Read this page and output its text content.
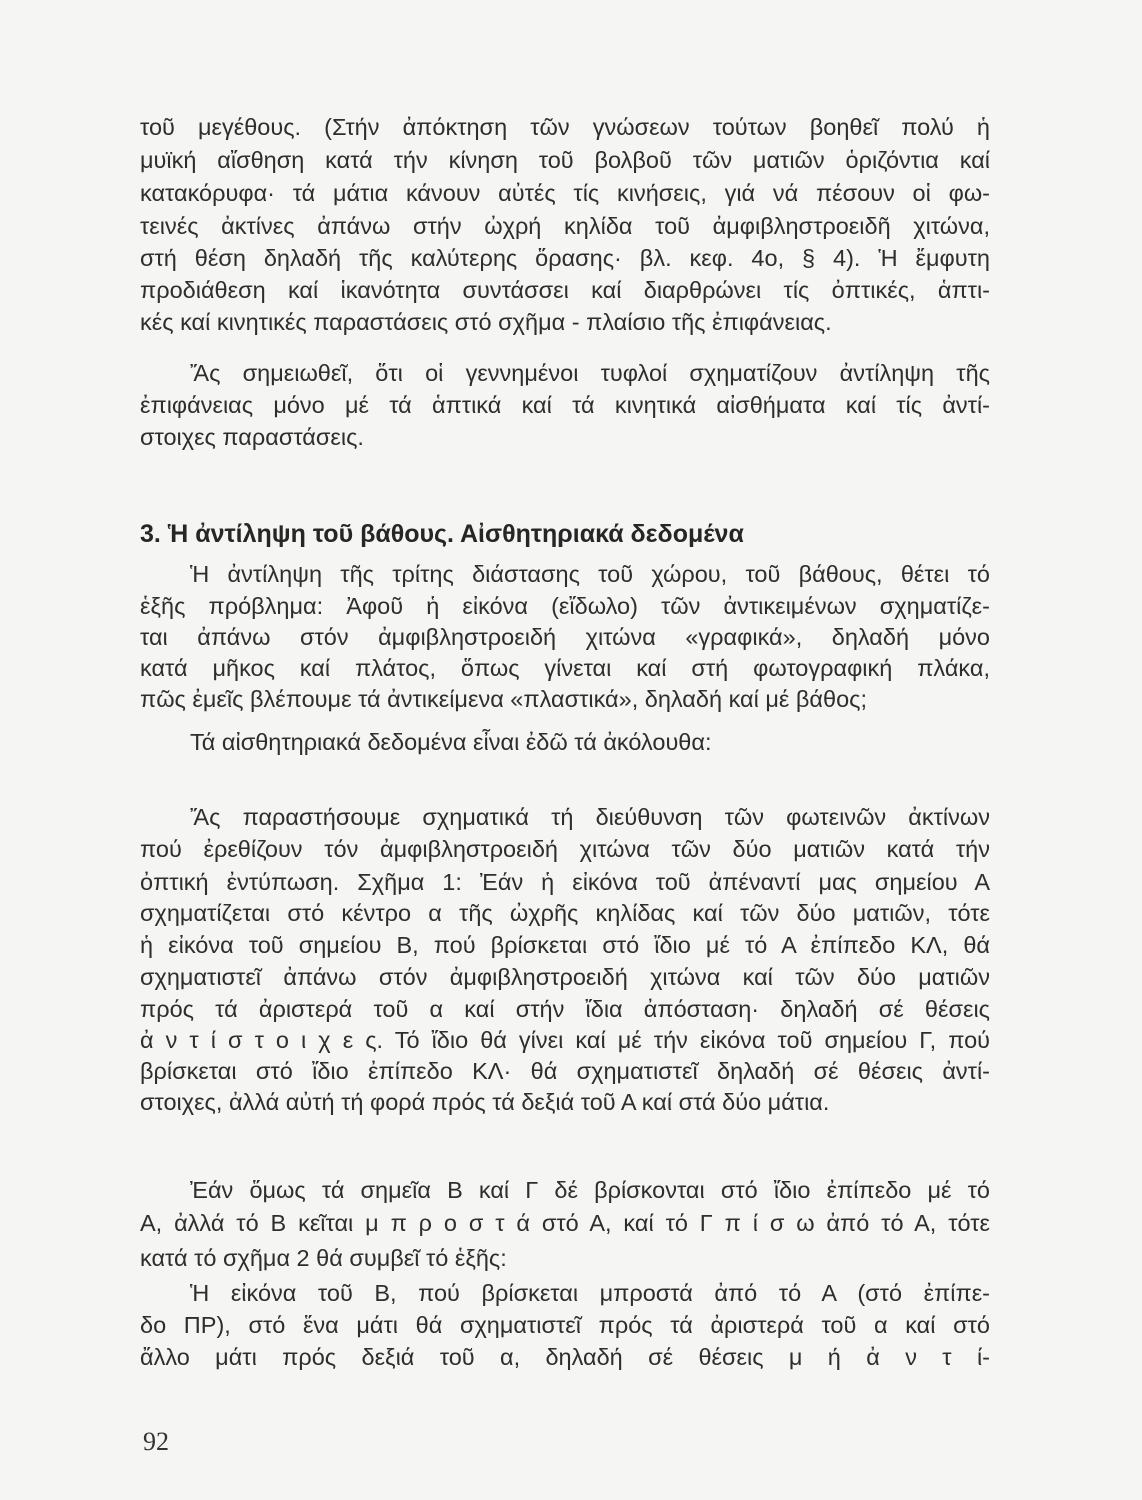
τοῦ μεγέθους. (Στήν ἀπόκτηση τῶν γνώσεων τούτων βοηθεῖ πολύ ἡ
μυϊκή αἴσθηση κατά τήν κίνηση τοῦ βολβοῦ τῶν ματιῶν ὁριζόντια καί
κατακόρυφα· τά μάτια κάνουν αὐτές τίς κινήσεις, γιά νά πέσουν οἱ φω-
τεινές ἀκτίνες ἀπάνω στήν ὠχρή κηλίδα τοῦ ἀμφιβληστροειδῆ χιτώνα,
στή θέση δηλαδή τῆς καλύτερης ὅρασης· βλ. κεφ. 4ο, § 4). Ἡ ἔμφυτη
προδιάθεση καί ἱκανότητα συντάσσει καί διαρθρώνει τίς ὀπτικές, ἁπτι-
κές καί κινητικές παραστάσεις στό σχῆμα - πλαίσιο τῆς ἐπιφάνειας.
Ἄς σημειωθεῖ, ὅτι οἱ γεννημένοι τυφλοί σχηματίζουν ἀντίληψη τῆς
ἐπιφάνειας μόνο μέ τά ἁπτικά καί τά κινητικά αἰσθήματα καί τίς ἀντί-
στοιχες παραστάσεις.
Ἡ ἀντίληψη τῆς τρίτης διάστασης τοῦ χώρου, τοῦ βάθους, θέτει τό
ἑξῆς πρόβλημα: Ἀφοῦ ἡ εἰκόνα (εἴδωλο) τῶν ἀντικειμένων σχηματίζε-
ται ἀπάνω στόν ἀμφιβληστροειδή χιτώνα «γραφικά», δηλαδή μόνο
κατά μῆκος καί πλάτος, ὅπως γίνεται καί στή φωτογραφική πλάκα,
πῶς ἐμεῖς βλέπουμε τά ἀντικείμενα «πλαστικά», δηλαδή καί μέ βάθος;
Τά αἰσθητηριακά δεδομένα εἶναι ἐδῶ τά ἀκόλουθα:
Ἄς παραστήσουμε σχηματικά τή διεύθυνση τῶν φωτεινῶν ἀκτίνων
πού ἐρεθίζουν τόν ἀμφιβληστροειδή χιτώνα τῶν δύο ματιῶν κατά τήν
ὀπτική ἐντύπωση. Σχῆμα 1: Ἐάν ἡ εἰκόνα τοῦ ἀπέναντί μας σημείου Α
σχηματίζεται στό κέντρο α τῆς ὠχρῆς κηλίδας καί τῶν δύο ματιῶν, τότε
ἡ εἰκόνα τοῦ σημείου Β, πού βρίσκεται στό ἴδιο μέ τό Α ἐπίπεδο ΚΛ, θά
σχηματιστεῖ ἀπάνω στόν ἀμφιβληστροειδή χιτώνα καί τῶν δύο ματιῶν
πρός τά ἀριστερά τοῦ α καί στήν ἴδια ἀπόσταση· δηλαδή σέ θέσεις
ἀ ν τ ί σ τ ο ι χ ε ς. Τό ἴδιο θά γίνει καί μέ τήν εἰκόνα τοῦ σημείου Γ, πού
βρίσκεται στό ἴδιο ἐπίπεδο ΚΛ· θά σχηματιστεῖ δηλαδή σέ θέσεις ἀντί-
στοιχες, ἀλλά αὐτή τή φορά πρός τά δεξιά τοῦ Α καί στά δύο μάτια.
Ἐάν ὅμως τά σημεῖα Β καί Γ δέ βρίσκονται στό ἴδιο ἐπίπεδο μέ τό
Α, ἀλλά τό Β κεῖται μ π ρ ο σ τ ά στό Α, καί τό Γ π ί σ ω ἀπό τό Α, τότε
κατά τό σχῆμα 2 θά συμβεῖ τό ἑξῆς:
Ἡ εἰκόνα τοῦ Β, πού βρίσκεται μπροστά ἀπό τό Α (στό ἐπίπε-
δο ΠΡ), στό ἕνα μάτι θά σχηματιστεῖ πρός τά ἀριστερά τοῦ α καί στό
ἄλλο μάτι πρός δεξιά τοῦ α, δηλαδή σέ θέσεις μ ή ἀ ν τ ί-
3. Ἡ ἀντίληψη τοῦ βάθους. Αἰσθητηριακά δεδομένα
92
